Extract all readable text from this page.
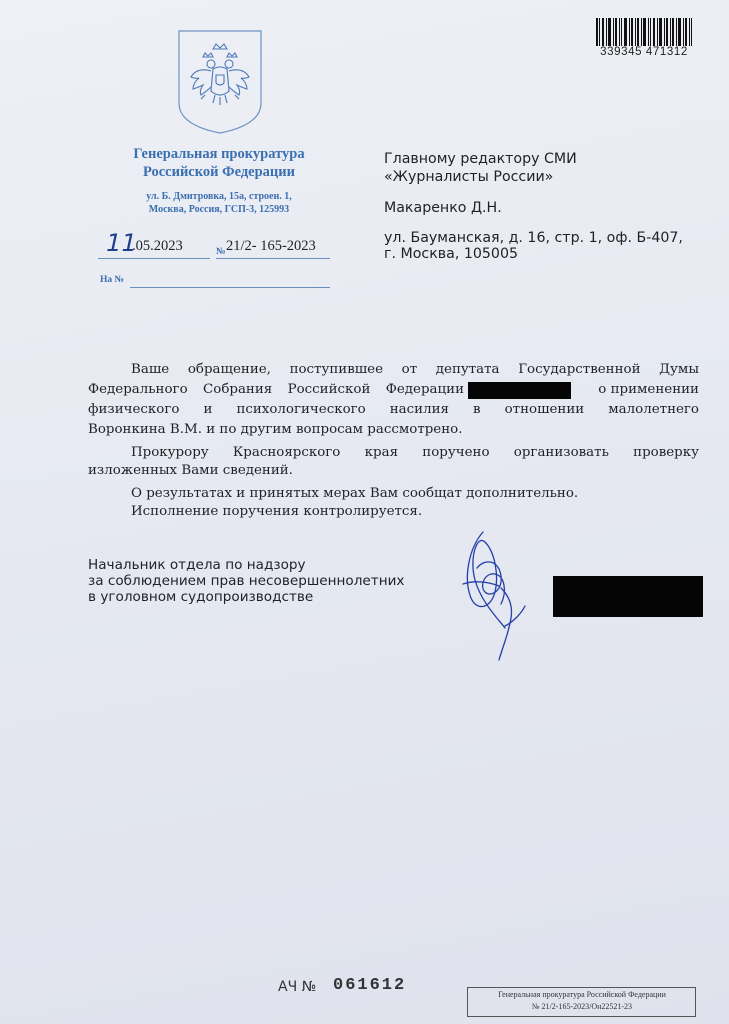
339345 471312
Генеральная прокуратура
Российской Федерации
ул. Б. Дмитровка, 15а, строен. 1,
Москва, Россия, ГСП-3, 125993
11
.05.2023	№ 21/2- 165-2023
На №
Главному редактору СМИ
«Журналисты России»
Макаренко Д.Н.
ул. Бауманская, д. 16, стр. 1, оф. Б-407,
г. Москва, 105005
Ваше обращение, поступившее от депутата Государственной Думы
Федерального Собрания Российской Федерации	о применении
физического и психологического насилия в отношении малолетнего
Воронкина В.М. и по другим вопросам рассмотрено.
Прокурору Красноярского края поручено организовать проверку
изложенных Вами сведений.
О результатах и принятых мерах Вам сообщат дополнительно.
Исполнение поручения контролируется.
Начальник отдела по надзору
за соблюдением прав несовершеннолетних
в уголовном судопроизводстве
АЧ № 061612	Генеральная прокуратура Российской Федерации
№ 21/2-165-2023/Он22521-23
